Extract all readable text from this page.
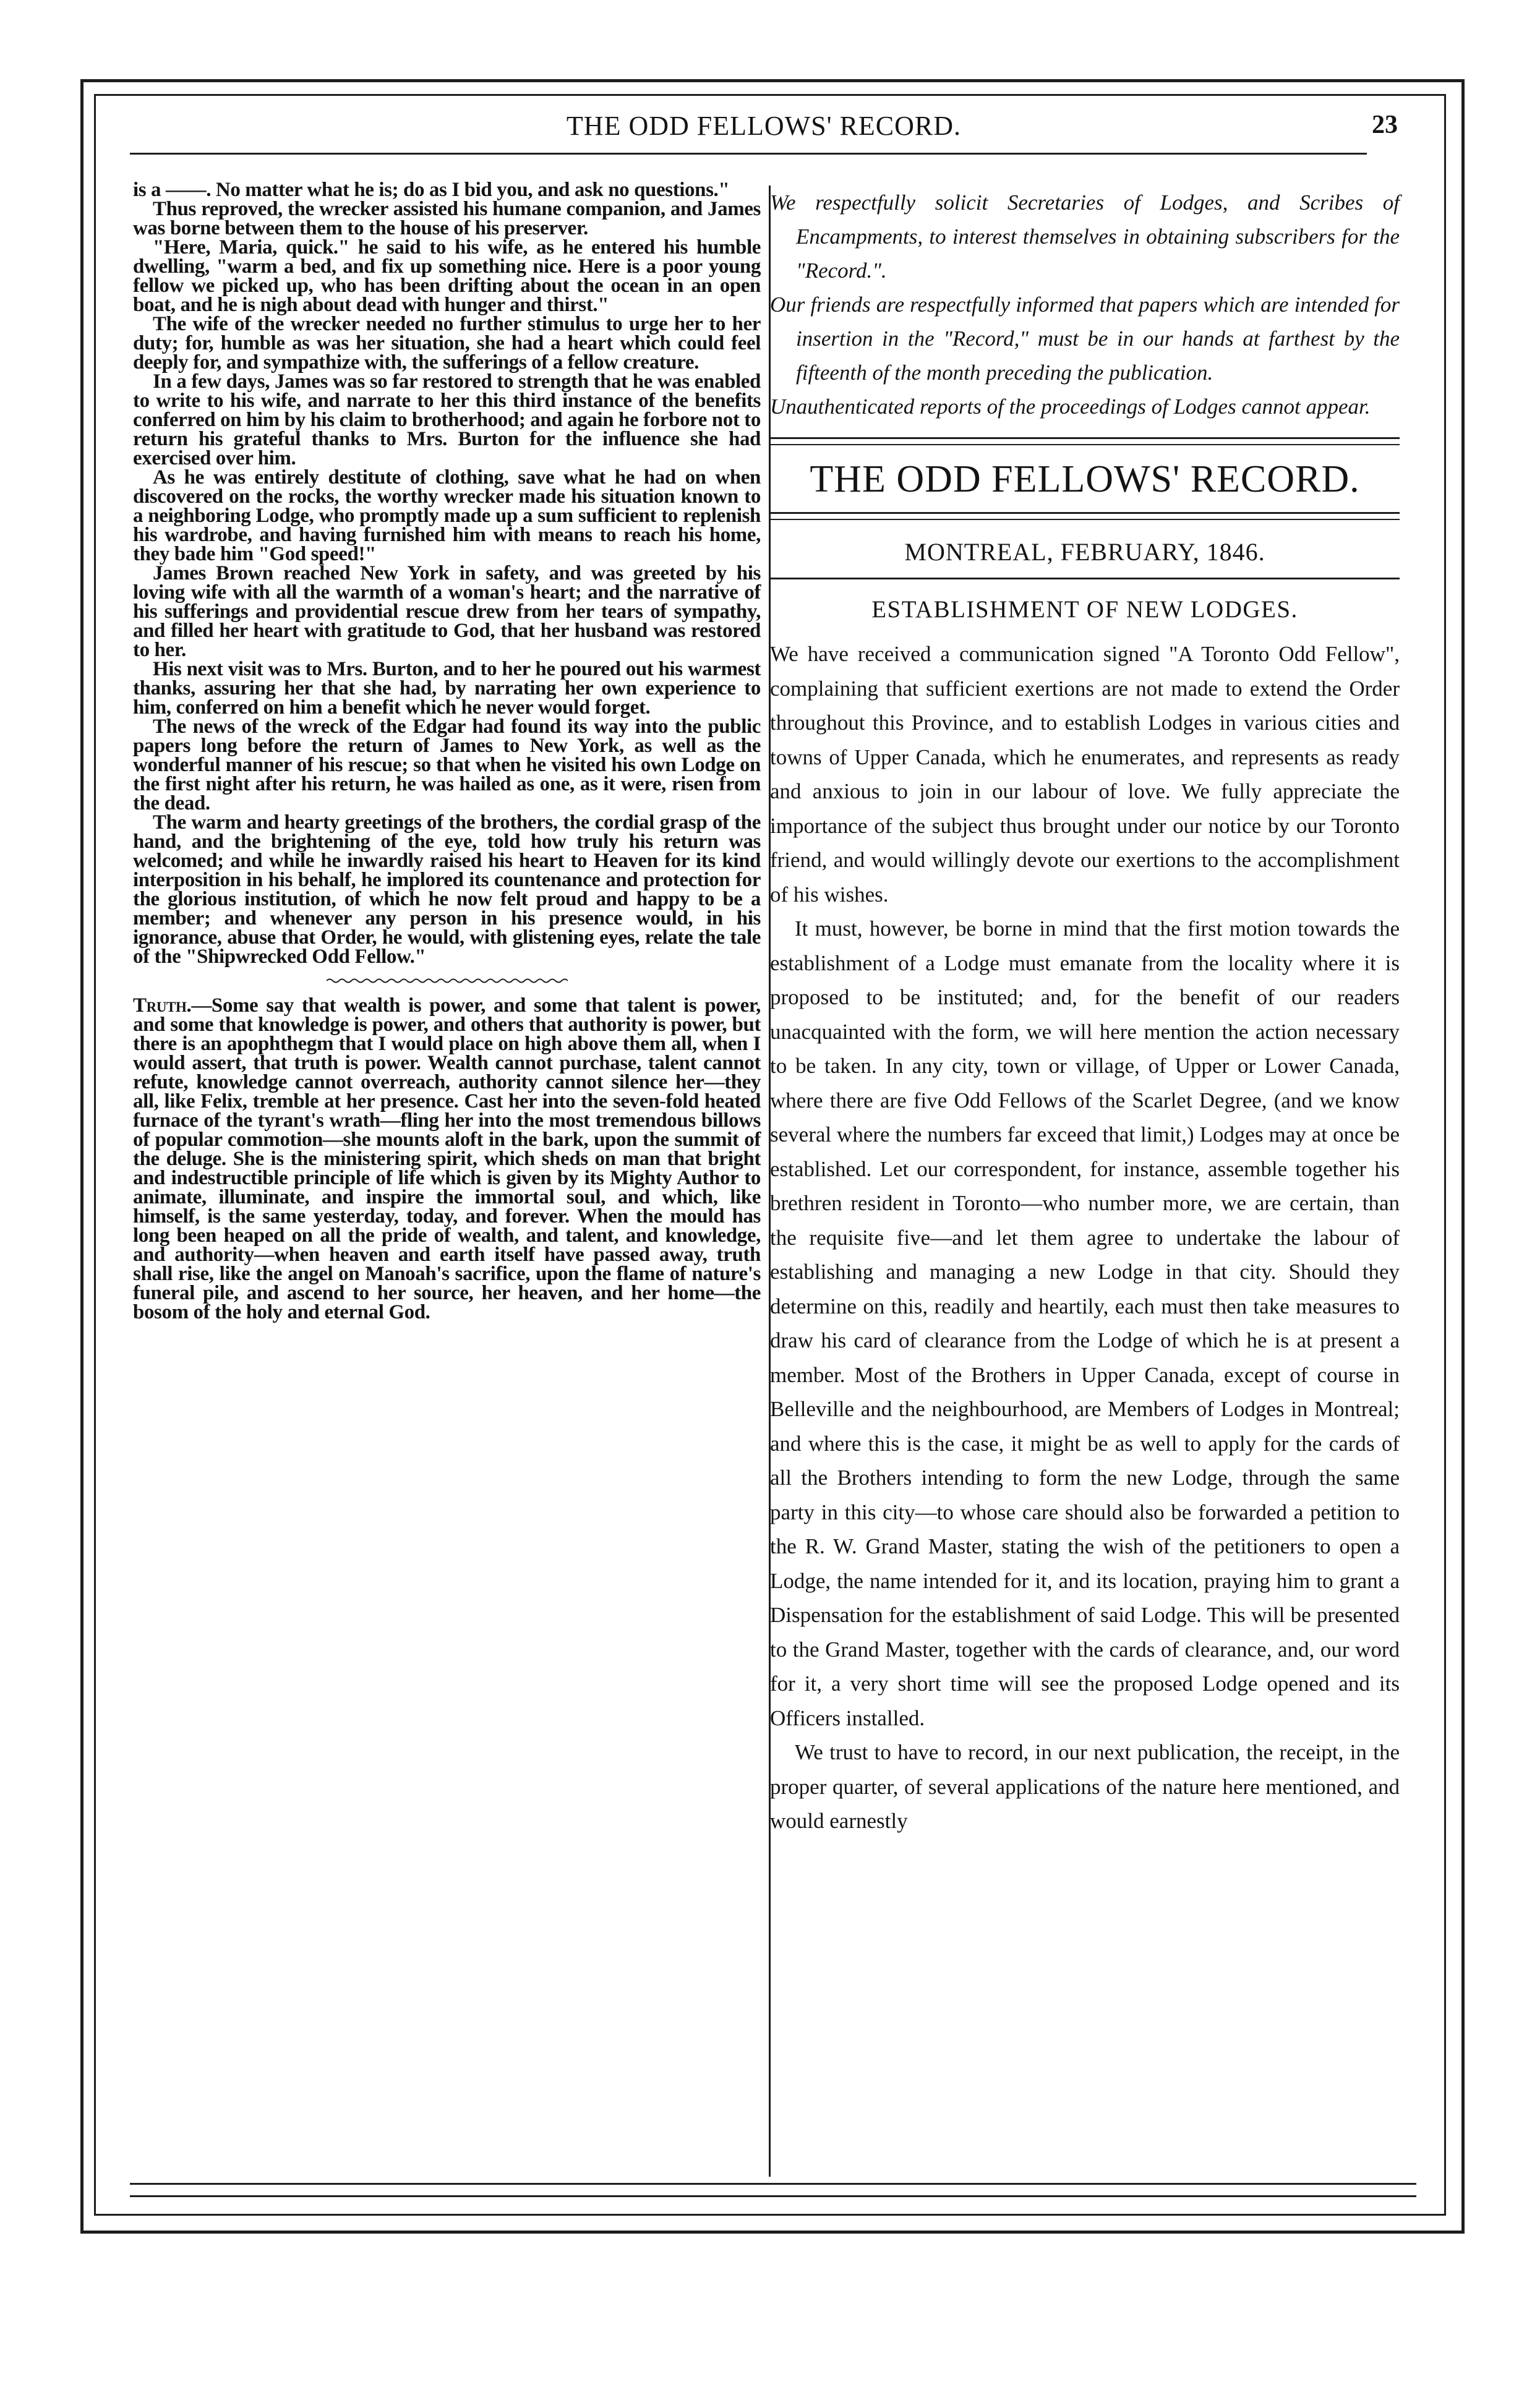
THE ODD FELLOWS' RECORD.	23

is a ——. No matter what he is; do as I bid you, and ask no questions."

Thus reproved, the wrecker assisted his humane companion, and James was borne between them to the house of his preserver.

"Here, Maria, quick." he said to his wife, as he entered his humble dwelling, "warm a bed, and fix up something nice. Here is a poor young fellow we picked up, who has been drifting about the ocean in an open boat, and he is nigh about dead with hunger and thirst."

The wife of the wrecker needed no further stimulus to urge her to her duty; for, humble as was her situation, she had a heart which could feel deeply for, and sympathize with, the sufferings of a fellow creature.

In a few days, James was so far restored to strength that he was enabled to write to his wife, and narrate to her this third instance of the benefits conferred on him by his claim to brotherhood; and again he forbore not to return his grateful thanks to Mrs. Burton for the influence she had exercised over him.

As he was entirely destitute of clothing, save what he had on when discovered on the rocks, the worthy wrecker made his situation known to a neighboring Lodge, who promptly made up a sum sufficient to replenish his wardrobe, and having furnished him with means to reach his home, they bade him "God speed!"

James Brown reached New York in safety, and was greeted by his loving wife with all the warmth of a woman's heart; and the narrative of his sufferings and providential rescue drew from her tears of sympathy, and filled her heart with gratitude to God, that her husband was restored to her.

His next visit was to Mrs. Burton, and to her he poured out his warmest thanks, assuring her that she had, by narrating her own experience to him, conferred on him a benefit which he never would forget.

The news of the wreck of the Edgar had found its way into the public papers long before the return of James to New York, as well as the wonderful manner of his rescue; so that when he visited his own Lodge on the first night after his return, he was hailed as one, as it were, risen from the dead.

The warm and hearty greetings of the brothers, the cordial grasp of the hand, and the brightening of the eye, told how truly his return was welcomed; and while he inwardly raised his heart to Heaven for its kind interposition in his behalf, he implored its countenance and protection for the glorious institution, of which he now felt proud and happy to be a member; and whenever any person in his presence would, in his ignorance, abuse that Order, he would, with glistening eyes, relate the tale of the "Shipwrecked Odd Fellow."

Truth.—Some say that wealth is power, and some that talent is power, and some that knowledge is power, and others that authority is power, but there is an apophthegm that I would place on high above them all, when I would assert, that truth is power. Wealth cannot purchase, talent cannot refute, knowledge cannot overreach, authority cannot silence her—they all, like Felix, tremble at her presence. Cast her into the seven-fold heated furnace of the tyrant's wrath—fling her into the most tremendous billows of popular commotion—she mounts aloft in the bark, upon the summit of the deluge. She is the ministering spirit, which sheds on man that bright and indestructible principle of life which is given by its Mighty Author to animate, illuminate, and inspire the immortal soul, and which, like himself, is the same yesterday, today, and forever. When the mould has long been heaped on all the pride of wealth, and talent, and knowledge, and authority—when heaven and earth itself have passed away, truth shall rise, like the angel on Manoah's sacrifice, upon the flame of nature's funeral pile, and ascend to her source, her heaven, and her home—the bosom of the holy and eternal God.

We respectfully solicit Secretaries of Lodges, and Scribes of Encampments, to interest themselves in obtaining subscribers for the "Record.".

Our friends are respectfully informed that papers which are intended for insertion in the "Record," must be in our hands at farthest by the fifteenth of the month preceding the publication.

Unauthenticated reports of the proceedings of Lodges cannot appear.

THE ODD FELLOWS' RECORD.
MONTREAL, FEBRUARY, 1846.
ESTABLISHMENT OF NEW LODGES.

We have received a communication signed "A Toronto Odd Fellow", complaining that sufficient exertions are not made to extend the Order throughout this Province, and to establish Lodges in various cities and towns of Upper Canada, which he enumerates, and represents as ready and anxious to join in our labour of love. We fully appreciate the importance of the subject thus brought under our notice by our Toronto friend, and would willingly devote our exertions to the accomplishment of his wishes.

It must, however, be borne in mind that the first motion towards the establishment of a Lodge must emanate from the locality where it is proposed to be instituted; and, for the benefit of our readers unacquainted with the form, we will here mention the action necessary to be taken. In any city, town or village, of Upper or Lower Canada, where there are five Odd Fellows of the Scarlet Degree, (and we know several where the numbers far exceed that limit,) Lodges may at once be established. Let our correspondent, for instance, assemble together his brethren resident in Toronto—who number more, we are certain, than the requisite five—and let them agree to undertake the labour of establishing and managing a new Lodge in that city. Should they determine on this, readily and heartily, each must then take measures to draw his card of clearance from the Lodge of which he is at present a member. Most of the Brothers in Upper Canada, except of course in Belleville and the neighbourhood, are Members of Lodges in Montreal; and where this is the case, it might be as well to apply for the cards of all the Brothers intending to form the new Lodge, through the same party in this city—to whose care should also be forwarded a petition to the R. W. Grand Master, stating the wish of the petitioners to open a Lodge, the name intended for it, and its location, praying him to grant a Dispensation for the establishment of said Lodge. This will be presented to the Grand Master, together with the cards of clearance, and, our word for it, a very short time will see the proposed Lodge opened and its Officers installed.

We trust to have to record, in our next publication, the receipt, in the proper quarter, of several applications of the nature here mentioned, and would earnestly
